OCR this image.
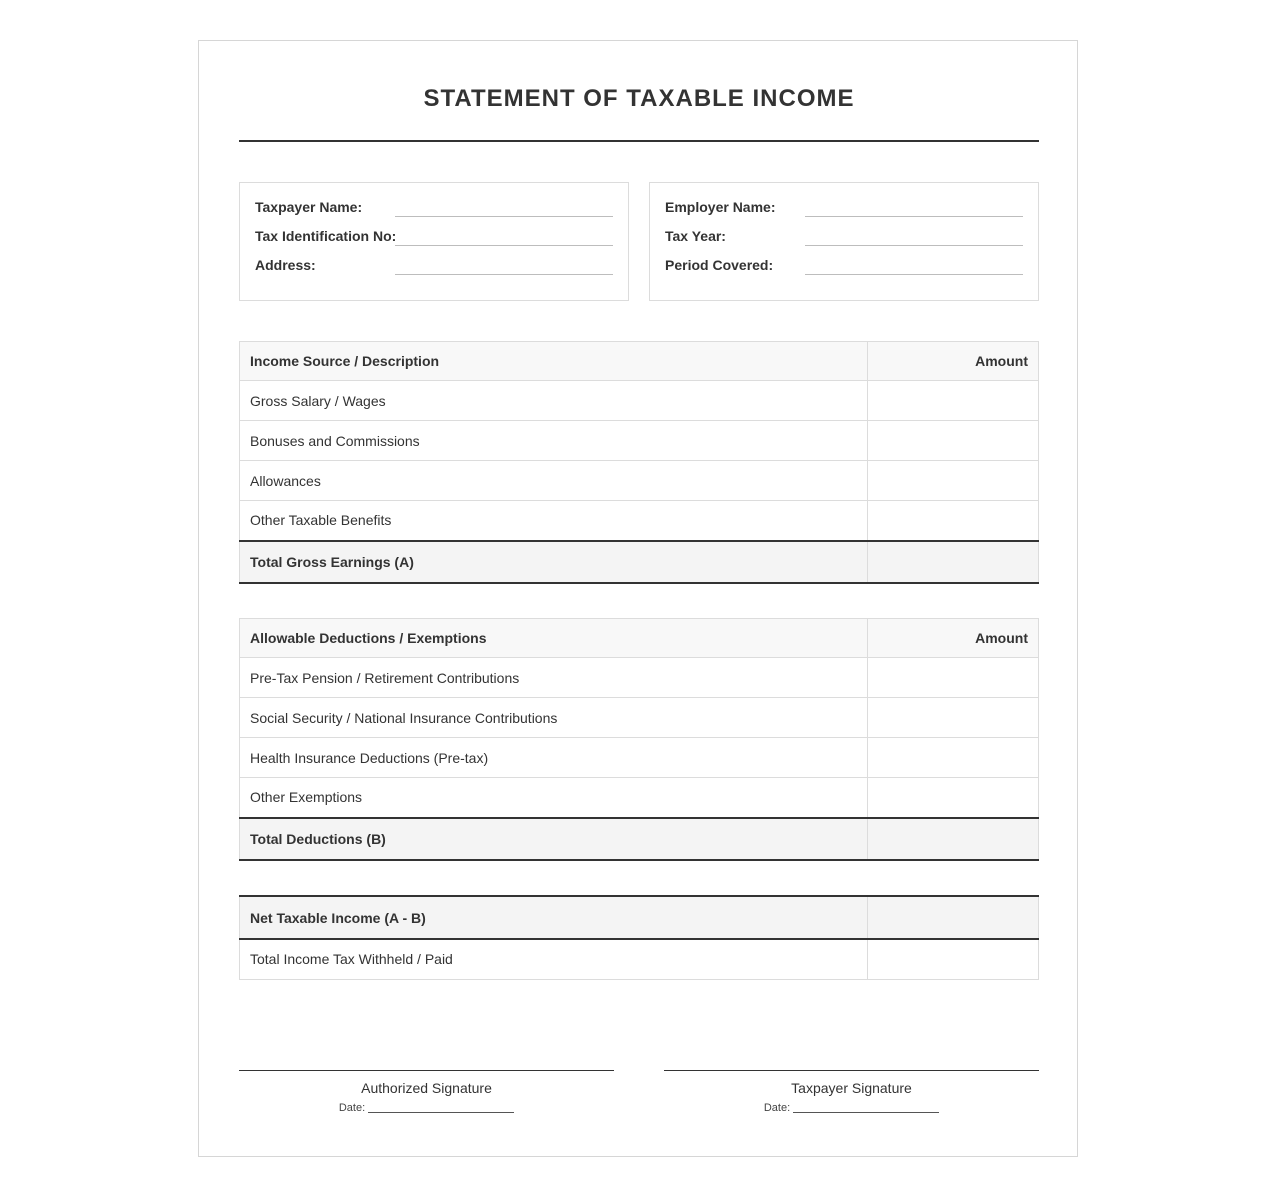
STATEMENT OF TAXABLE INCOME
Taxpayer Name:
Tax Identification No:
Address:
Employer Name:
Tax Year:
Period Covered:
Income Source / Description	Amount
Gross Salary / Wages	
Bonuses and Commissions	
Allowances	
Other Taxable Benefits	
Total Gross Earnings (A)	
Allowable Deductions / Exemptions	Amount
Pre-Tax Pension / Retirement Contributions	
Social Security / National Insurance Contributions	
Health Insurance Deductions (Pre-tax)	
Other Exemptions	
Total Deductions (B)	
Net Taxable Income (A - B)	
Total Income Tax Withheld / Paid	
Authorized Signature
Date:
Taxpayer Signature
Date:
